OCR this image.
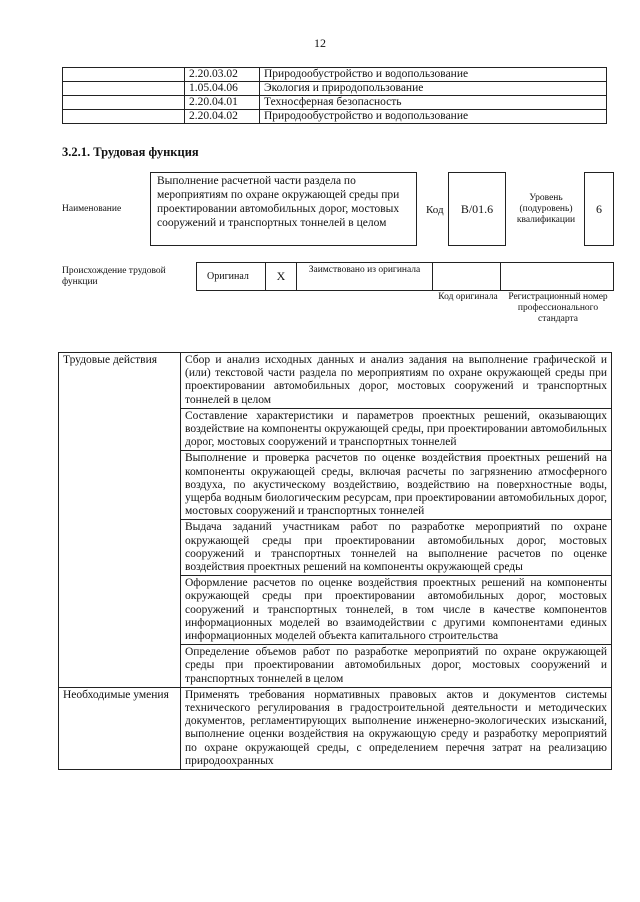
12
	2.20.03.02	Природообустройство и водопользование
	1.05.04.06	Экология и природопользование
	2.20.04.01	Техносферная безопасность
	2.20.04.02	Природообустройство и водопользование
3.2.1. Трудовая функция
Наименование
Выполнение расчетной части раздела по мероприятиям по охране окружающей среды при проектировании автомобильных дорог, мостовых сооружений и транспортных тоннелей в целом
Код B/01.6
Уровень (подуровень) квалификации
6
Происхождение трудовой функции	Оригинал X	Заимствовано из оригинала
Код оригинала	Регистрационный номер профессионального стандарта
Трудовые действия	Сбор и анализ исходных данных и анализ задания на выполнение графической и (или) текстовой части раздела по мероприятиям по охране окружающей среды при проектировании автомобильных дорог, мостовых сооружений и транспортных тоннелей в целом
	Составление характеристики и параметров проектных решений, оказывающих воздействие на компоненты окружающей среды, при проектировании автомобильных дорог, мостовых сооружений и транспортных тоннелей
	Выполнение и проверка расчетов по оценке воздействия проектных решений на компоненты окружающей среды, включая расчеты по загрязнению атмосферного воздуха, по акустическому воздействию, воздействию на поверхностные воды, ущерба водным биологическим ресурсам, при проектировании автомобильных дорог, мостовых сооружений и транспортных тоннелей
	Выдача заданий участникам работ по разработке мероприятий по охране окружающей среды при проектировании автомобильных дорог, мостовых сооружений и транспортных тоннелей на выполнение расчетов по оценке воздействия проектных решений на компоненты окружающей среды
	Оформление расчетов по оценке воздействия проектных решений на компоненты окружающей среды при проектировании автомобильных дорог, мостовых сооружений и транспортных тоннелей, в том числе в качестве компонентов информационных моделей во взаимодействии с другими компонентами единых информационных моделей объекта капитального строительства
	Определение объемов работ по разработке мероприятий по охране окружающей среды при проектировании автомобильных дорог, мостовых сооружений и транспортных тоннелей в целом
Необходимые умения	Применять требования нормативных правовых актов и документов системы технического регулирования в градостроительной деятельности и методических документов, регламентирующих выполнение инженерно-экологических изысканий, выполнение оценки воздействия на окружающую среду и разработку мероприятий по охране окружающей среды, с определением перечня затрат на реализацию природоохранных
